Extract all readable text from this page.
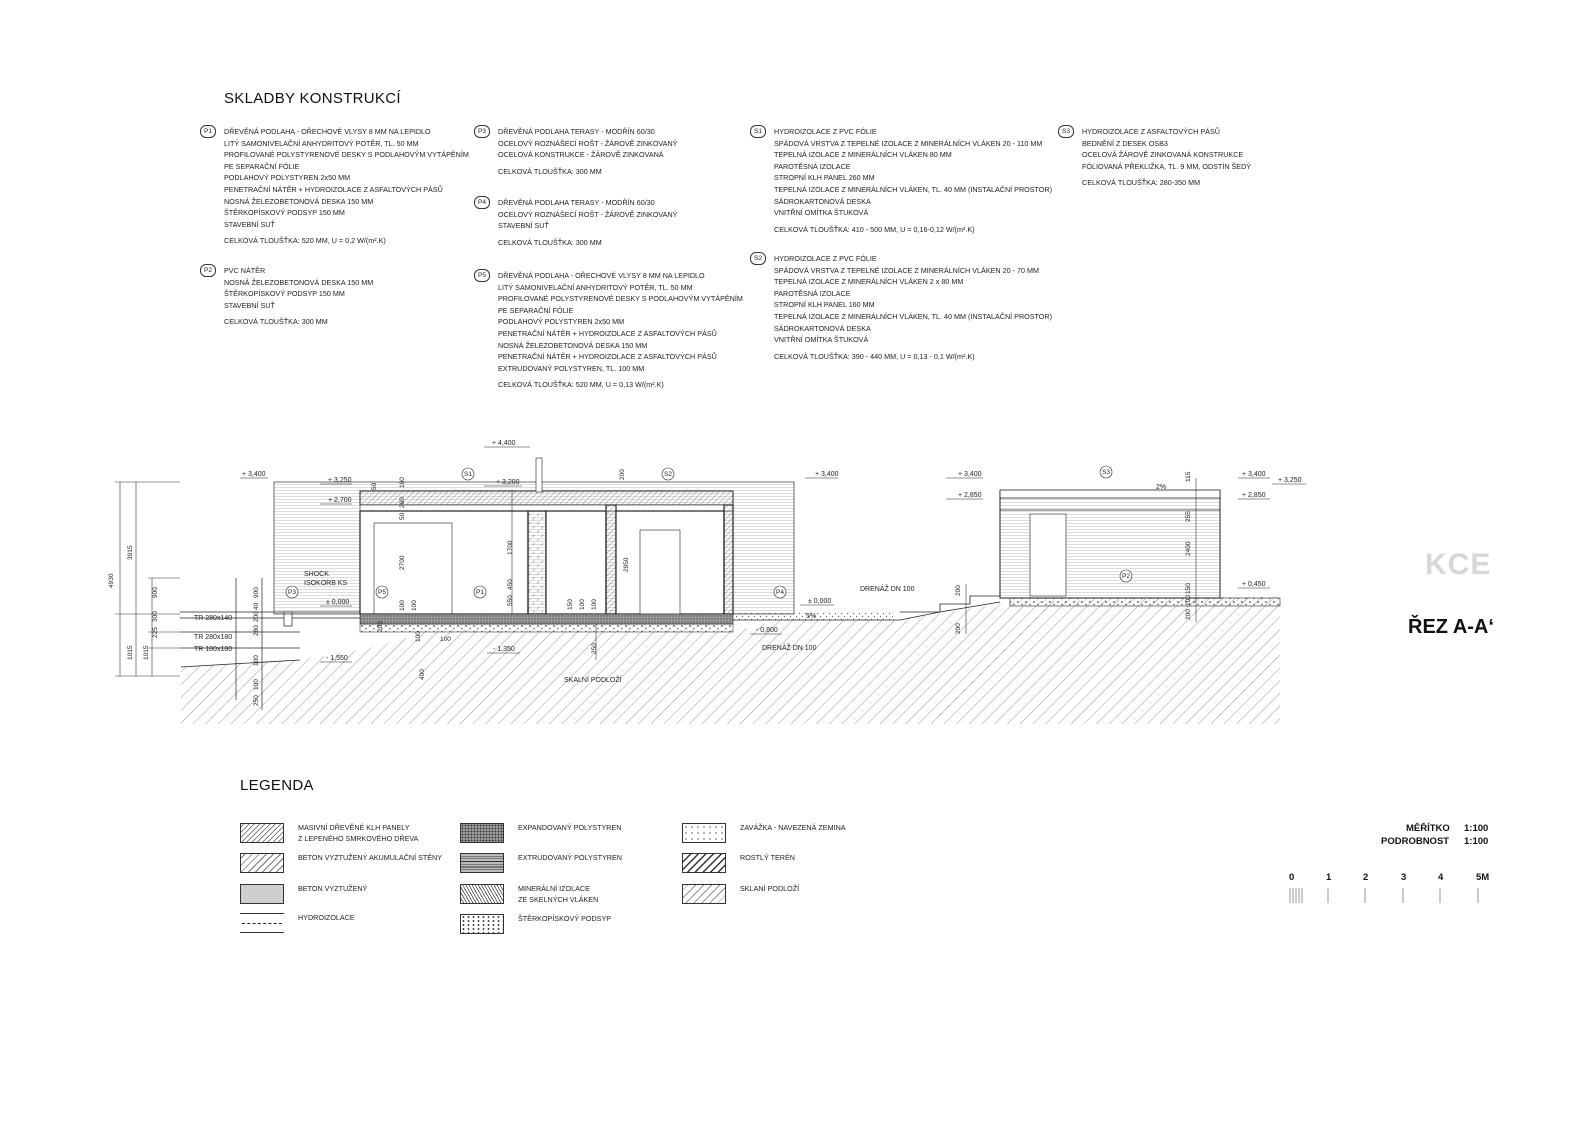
SKLADBY KONSTRUKCÍ
P1	DŘEVĚNÁ PODLAHA - OŘECHOVÉ VLYSY 8 MM NA LEPIDLO
LITÝ SAMONIVELAČNÍ ANHYDRITOVÝ POTĚR, TL. 50 MM
PROFILOVANÉ POLYSTYRENOVÉ DESKY S PODLAHOVÝM VYTÁPĚNÍM
PE SEPARAČNÍ FÓLIE
PODLAHOVÝ POLYSTYREN 2x50 MM
PENETRAČNÍ NÁTĚR + HYDROIZOLACE Z ASFALTOVÝCH PÁSŮ
NOSNÁ ŽELEZOBETONOVÁ DESKA 150 MM
ŠTĚRKOPÍSKOVÝ PODSYP 150 MM
STAVEBNÍ SUŤ
CELKOVÁ TLOUŠŤKA: 520 MM, U = 0,2 W/(m².K)
P2	PVC NÁTĚR
NOSNÁ ŽELEZOBETONOVÁ DESKA 150 MM
ŠTĚRKOPÍSKOVÝ PODSYP 150 MM
STAVEBNÍ SUŤ
CELKOVÁ TLOUŠŤKA: 300 MM
P3	DŘEVĚNÁ PODLAHA TERASY - MODŘÍN 60/30
OCELOVÝ ROZNÁŠECÍ ROŠT - ŽÁROVĚ ZINKOVANÝ
OCELOVÁ KONSTRUKCE - ŽÁROVĚ ZINKOVANÁ
CELKOVÁ TLOUŠŤKA: 300 MM
P4	DŘEVĚNÁ PODLAHA TERASY - MODŘÍN 60/30
OCELOVÝ ROZNÁŠECÍ ROŠT - ŽÁROVĚ ZINKOVANÝ
STAVEBNÍ SUŤ
CELKOVÁ TLOUŠŤKA: 300 MM
P5	DŘEVĚNÁ PODLAHA - OŘECHOVÉ VLYSY 8 MM NA LEPIDLO
LITÝ SAMONIVELAČNÍ ANHYDRITOVÝ POTĚR, TL. 50 MM
PROFILOVANÉ POLYSTYRENOVÉ DESKY S PODLAHOVÝM VYTÁPĚNÍM
PE SEPARAČNÍ FÓLIE
PODLAHOVÝ POLYSTYREN 2x50 MM
PENETRAČNÍ NÁTĚR + HYDROIZOLACE Z ASFALTOVÝCH PÁSŮ
NOSNÁ ŽELEZOBETONOVÁ DESKA 150 MM
PENETRAČNÍ NÁTĚR + HYDROIZOLACE Z ASFALTOVÝCH PÁSŮ
EXTRUDOVANÝ POLYSTYREN, TL. 100 MM
CELKOVÁ TLOUŠŤKA: 520 MM, U = 0,13 W/(m².K)
S1	HYDROIZOLACE Z PVC FÓLIE
SPÁDOVÁ VRSTVA Z TEPELNÉ IZOLACE Z MINERÁLNÍCH VLÁKEN 20 - 110 MM
TEPELNÁ IZOLACE Z MINERÁLNÍCH VLÁKEN 80 MM
PAROTĚSNÁ IZOLACE
STROPNÍ KLH PANEL 260 MM
TEPELNÁ IZOLACE Z MINERÁLNÍCH VLÁKEN, TL. 40 MM (INSTALAČNÍ PROSTOR)
SÁDROKARTONOVÁ DESKA
VNITŘNÍ OMÍTKA ŠTUKOVÁ
CELKOVÁ TLOUŠŤKA: 410 - 500 MM, U = 0,16-0,12 W/(m².K)
S2	HYDROIZOLACE Z PVC FÓLIE
SPÁDOVÁ VRSTVA Z TEPELNÉ IZOLACE Z MINERÁLNÍCH VLÁKEN 20 - 70 MM
TEPELNÁ IZOLACE Z MINERÁLNÍCH VLÁKEN 2 x 80 MM
PAROTĚSNÁ IZOLACE
STROPNÍ KLH PANEL 160 MM
TEPELNÁ IZOLACE Z MINERÁLNÍCH VLÁKEN, TL. 40 MM (INSTALAČNÍ PROSTOR)
SÁDROKARTONOVÁ DESKA
VNITŘNÍ OMÍTKA ŠTUKOVÁ
CELKOVÁ TLOUŠŤKA: 390 - 440 MM, U = 0,13 - 0,1 W/(m².K)
S3	HYDROIZOLACE Z ASFALTOVÝCH PÁSŮ
BEDNĚNÍ Z DESEK OSB3
OCELOVÁ ŽÁROVĚ ZINKOVANÁ KONSTRUKCE
FÓLIOVANÁ PŘEKLIŽKA, TL. 9 MM, ODSTÍN ŠEDÝ
CELKOVÁ TLOUŠŤKA: 280-350 MM
+ 4,400
+ 3,400
+ 3,250	+ 3,200
+ 2,700
+ 3,400	+ 3,400
+ 2,850
+ 3,400
+ 3,250
+ 2,850
± 0,000	± 0,000
+ 0,450
- 0,800
- 1,550
- 1,350
S1	S2	S3
P1
P2
P3	P4
P5
SHOCK
ISOKORB KS
DRENÁŽ DN 100
DRENÁŽ DN 100
SKALNÍ PODLOŽÍ
2%
5%
TR 280x140
TR 280x180
TR 180x180
4930
3915
1015 1015
900
300
225
900
40
280
50	190
50
260
2700
1700
450
550
100 100	150 100 100
2950
200
100
400
250
250
100
100
100
115
255
2400
150
100
200
200
200
200
200
KCE
ŘEZ A-A‘
LEGENDA
MASIVNÍ DŘEVĚNÉ KLH PANELY
Z LEPENÉHO SMRKOVÉHO DŘEVA
BETON VYZTUŽENÝ AKUMULAČNÍ STĚNY
BETON VYZTUŽENÝ
HYDROIZOLACE
EXPANDOVANÝ POLYSTYREN
EXTRUDOVANÝ POLYSTYREN
MINERÁLNÍ IZOLACE
ZE SKELNÝCH VLÁKEN
ŠTĚRKOPÍSKOVÝ PODSYP
ZAVÁŽKA - NAVEZENÁ ZEMINA
ROSTLÝ TERÉN
SKLANÍ PODLOŽÍ
MĚŘÍTKO 1:100
PODROBNOST 1:100
0	1	2	3	4	5M
